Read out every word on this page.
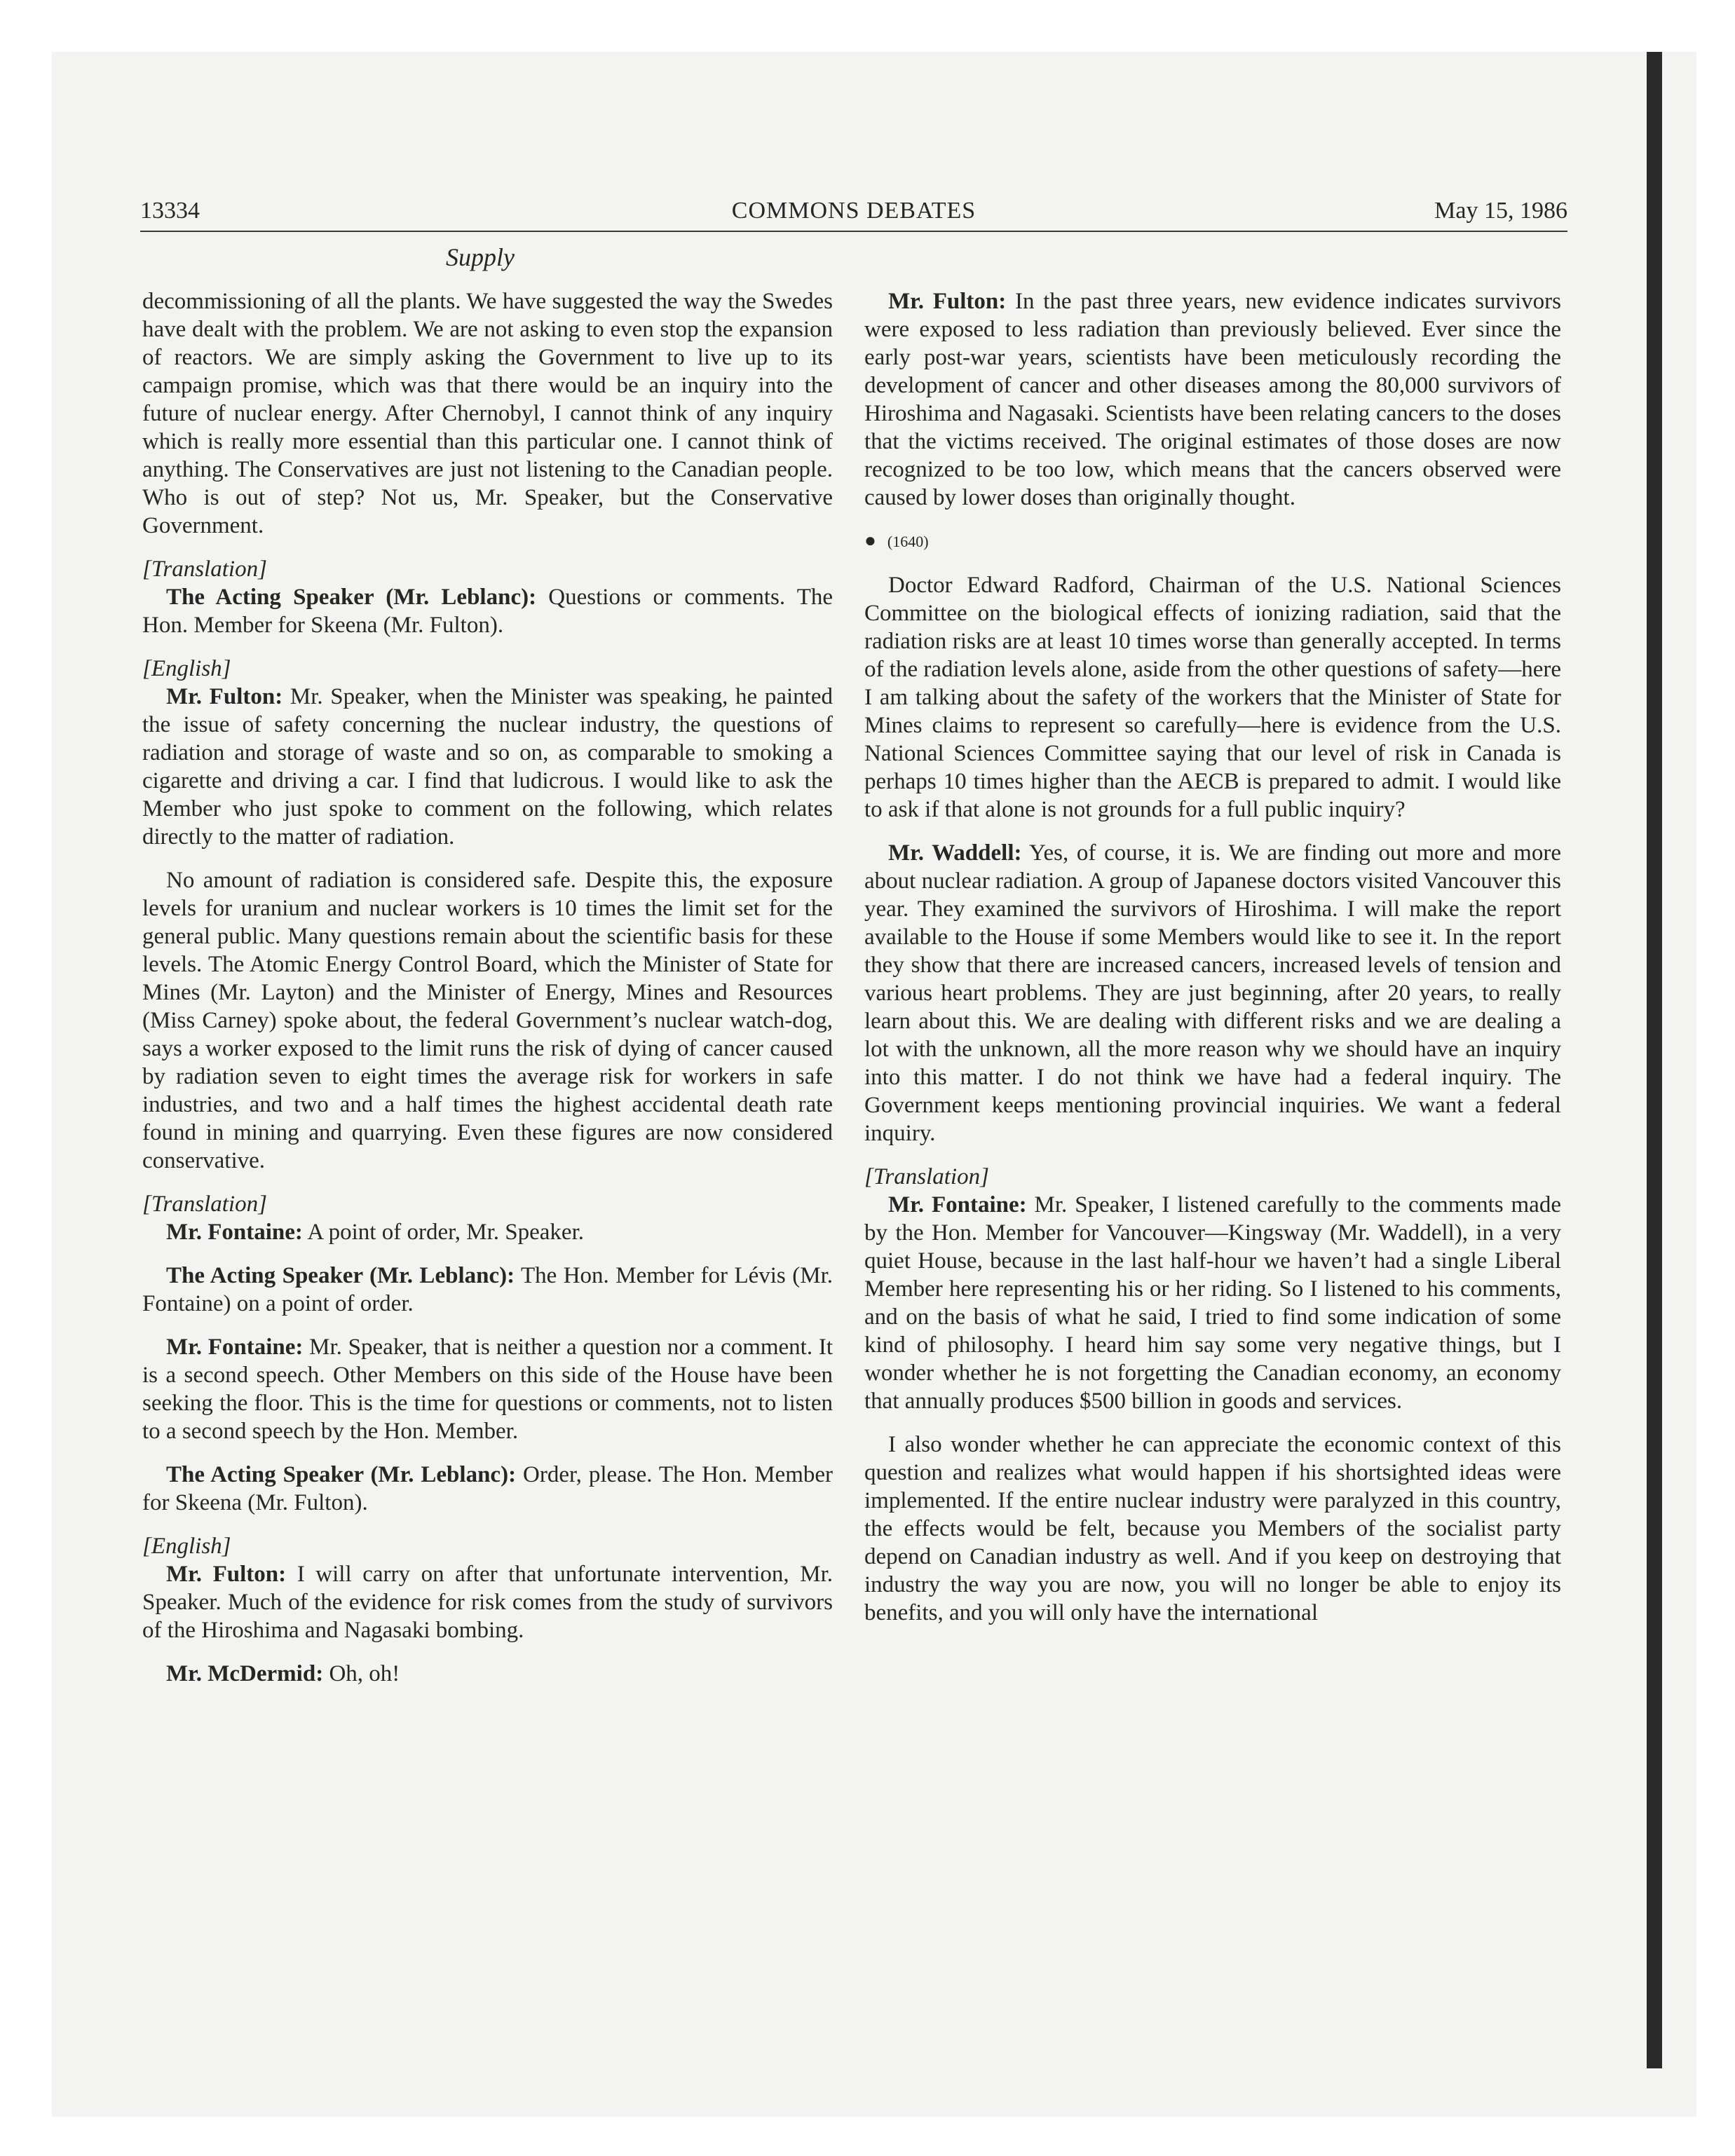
13334	COMMONS DEBATES	May 15, 1986
Supply

decommissioning of all the plants. We have suggested the way the Swedes have dealt with the problem. We are not asking to even stop the expansion of reactors. We are simply asking the Government to live up to its campaign promise, which was that there would be an inquiry into the future of nuclear energy. After Chernobyl, I cannot think of any inquiry which is really more essential than this particular one. I cannot think of anything. The Conservatives are just not listening to the Canadian people. Who is out of step? Not us, Mr. Speaker, but the Conservative Government.

[Translation]

The Acting Speaker (Mr. Leblanc): Questions or comments. The Hon. Member for Skeena (Mr. Fulton).

[English]

Mr. Fulton: Mr. Speaker, when the Minister was speaking, he painted the issue of safety concerning the nuclear industry, the questions of radiation and storage of waste and so on, as comparable to smoking a cigarette and driving a car. I find that ludicrous. I would like to ask the Member who just spoke to comment on the following, which relates directly to the matter of radiation.

No amount of radiation is considered safe. Despite this, the exposure levels for uranium and nuclear workers is 10 times the limit set for the general public. Many questions remain about the scientific basis for these levels. The Atomic Energy Control Board, which the Minister of State for Mines (Mr. Layton) and the Minister of Energy, Mines and Resources (Miss Carney) spoke about, the federal Government’s nuclear watch-dog, says a worker exposed to the limit runs the risk of dying of cancer caused by radiation seven to eight times the average risk for workers in safe industries, and two and a half times the highest accidental death rate found in mining and quarrying. Even these figures are now considered conservative.

[Translation]

Mr. Fontaine: A point of order, Mr. Speaker.

The Acting Speaker (Mr. Leblanc): The Hon. Member for Lévis (Mr. Fontaine) on a point of order.

Mr. Fontaine: Mr. Speaker, that is neither a question nor a comment. It is a second speech. Other Members on this side of the House have been seeking the floor. This is the time for questions or comments, not to listen to a second speech by the Hon. Member.

The Acting Speaker (Mr. Leblanc): Order, please. The Hon. Member for Skeena (Mr. Fulton).

[English]

Mr. Fulton: I will carry on after that unfortunate intervention, Mr. Speaker. Much of the evidence for risk comes from the study of survivors of the Hiroshima and Nagasaki bombing.

Mr. McDermid: Oh, oh!

Mr. Fulton: In the past three years, new evidence indicates survivors were exposed to less radiation than previously believed. Ever since the early post-war years, scientists have been meticulously recording the development of cancer and other diseases among the 80,000 survivors of Hiroshima and Nagasaki. Scientists have been relating cancers to the doses that the victims received. The original estimates of those doses are now recognized to be too low, which means that the cancers observed were caused by lower doses than originally thought.

● (1640)

Doctor Edward Radford, Chairman of the U.S. National Sciences Committee on the biological effects of ionizing radiation, said that the radiation risks are at least 10 times worse than generally accepted. In terms of the radiation levels alone, aside from the other questions of safety—here I am talking about the safety of the workers that the Minister of State for Mines claims to represent so carefully—here is evidence from the U.S. National Sciences Committee saying that our level of risk in Canada is perhaps 10 times higher than the AECB is prepared to admit. I would like to ask if that alone is not grounds for a full public inquiry?

Mr. Waddell: Yes, of course, it is. We are finding out more and more about nuclear radiation. A group of Japanese doctors visited Vancouver this year. They examined the survivors of Hiroshima. I will make the report available to the House if some Members would like to see it. In the report they show that there are increased cancers, increased levels of tension and various heart problems. They are just beginning, after 20 years, to really learn about this. We are dealing with different risks and we are dealing a lot with the unknown, all the more reason why we should have an inquiry into this matter. I do not think we have had a federal inquiry. The Government keeps mentioning provincial inquiries. We want a federal inquiry.

[Translation]

Mr. Fontaine: Mr. Speaker, I listened carefully to the comments made by the Hon. Member for Vancouver—Kingsway (Mr. Waddell), in a very quiet House, because in the last half-hour we haven’t had a single Liberal Member here representing his or her riding. So I listened to his comments, and on the basis of what he said, I tried to find some indication of some kind of philosophy. I heard him say some very negative things, but I wonder whether he is not forgetting the Canadian economy, an economy that annually produces $500 billion in goods and services.

I also wonder whether he can appreciate the economic context of this question and realizes what would happen if his shortsighted ideas were implemented. If the entire nuclear industry were paralyzed in this country, the effects would be felt, because you Members of the socialist party depend on Canadian industry as well. And if you keep on destroying that industry the way you are now, you will no longer be able to enjoy its benefits, and you will only have the international
